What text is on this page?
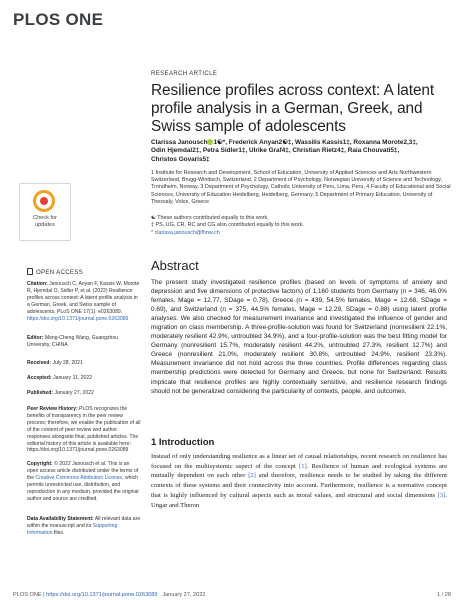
PLOS ONE
RESEARCH ARTICLE
Resilience profiles across context: A latent profile analysis in a German, Greek, and Swiss sample of adolescents
Clarissa Janousch 1☯*, Frederick Anyan2☯‡, Wassilis Kassis1‡, Roxanna Morote2,3‡,
Odin Hjemdal2‡, Petra Sidler1‡, Ulrike Graf4‡, Christian Rietz4‡, Raia Chouvati5‡,
Christos Govaris5‡
1 Institute for Research and Development, School of Education, University of Applied Sciences and Arts Northwestern Switzerland, Brugg-Windisch, Switzerland, 2 Department of Psychology, Norwegian University of Science and Technology, Trondheim, Norway, 3 Department of Psychology, Catholic University of Peru, Lima, Peru, 4 Faculty of Educational and Social Sciences, University of Education Heidelberg, Heidelberg, Germany, 5 Department of Primary Education, University of Thessaly, Volos, Greece
☯ These authors contributed equally to this work.
‡ PS, UG, CR, RC and CG also contributed equally to this work.
* clarissa.janousch@fhnw.ch
Check for
updates
OPEN ACCESS
Citation: Janousch C, Anyan F, Kassis W, Morote R, Hjemdal O, Sidler P, et al. (2022) Resilience profiles across context: A latent profile analysis in a German, Greek, and Swiss sample of adolescents. PLoS ONE 17(1): e0263089. https://doi.org/10.1371/journal.pone.0263089
Editor: Meng-Cheng Wang, Guangzhou University, CHINA
Received: July 28, 2021
Accepted: January 11, 2022
Published: January 27, 2022
Peer Review History: PLOS recognizes the benefits of transparency in the peer review process; therefore, we enable the publication of all of the content of peer review and author responses alongside final, published articles. The editorial history of this article is available here: https://doi.org/10.1371/journal.pone.0263089
Copyright: © 2022 Janousch et al. This is an open access article distributed under the terms of the Creative Commons Attribution License, which permits unrestricted use, distribution, and reproduction in any medium, provided the original author and source are credited.
Data Availability Statement: All relevant data are within the manuscript and its Supporting Information files.
Abstract
The present study investigated resilience profiles (based on levels of symptoms of anxiety and depression and five dimensions of protective factors) of 1,160 students from Germany (n = 346, 46.0% females, Mage = 12.77, SDage = 0.78), Greece (n = 439, 54.5% females, Mage = 12.68, SDage = 0.69), and Switzerland (n = 375, 44.5% females, Mage = 12.29, SDage = 0.88) using latent profile analyses. We also checked for measurement invariance and investigated the influence of gender and migration on class membership. A three-profile-solution was found for Switzerland (nonresilient 22.1%, moderately resilient 42.9%, untroubled 34.9%), and a four-profile-solution was the best fitting model for Germany (nonresilient 15.7%, moderately resilient 44.2%, untroubled 27.3%, resilient 12.7%) and Greece (nonresilient 21.0%, moderately resilient 30.8%, untroubled 24.9%, resilient 23.3%). Measurement invariance did not hold across the three countries. Profile differences regarding class membership predictions were detected for Germany and Greece, but none for Switzerland. Results implicate that resilience profiles are highly contextually sensitive, and resilience research findings should not be generalized considering the particularity of contexts, people, and outcomes.
1 Introduction
Instead of only understanding resilience as a linear set of causal relationships, recent research on resilience has focused on the multisystemic aspect of the concept [1]. Resilience of human and ecological systems are mutually dependent on each other [2] and therefore, resilience needs to be studied by taking the different contexts of these systems and their connectivity into account. Furthermore, resilience is a normative concept that is highly influenced by cultural aspects such as moral values, and structural and social dimensions [3]. Ungar and Theron
PLOS ONE | https://doi.org/10.1371/journal.pone.0263089 January 27, 2022	1 / 28
